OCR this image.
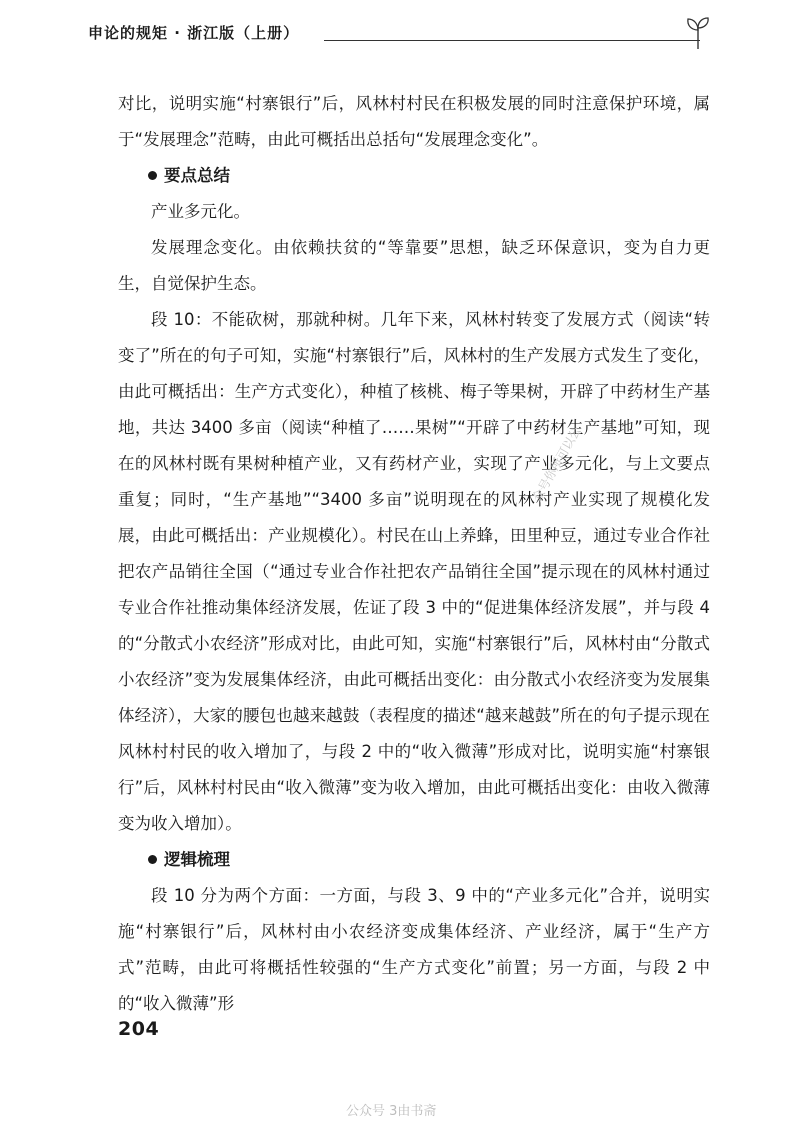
申论的规矩 · 浙江版（上册）

对比，说明实施“村寨银行”后，风林村村民在积极发展的同时注意保护环境，属于“发展理念”范畴，由此可概括出总括句“发展理念变化”。

要点总结

产业多元化。

发展理念变化。由依赖扶贫的“等靠要”思想，缺乏环保意识，变为自力更生，自觉保护生态。

段 10：不能砍树，那就种树。几年下来，风林村转变了发展方式（阅读“转变了”所在的句子可知，实施“村寨银行”后，风林村的生产发展方式发生了变化，由此可概括出：生产方式变化），种植了核桃、梅子等果树，开辟了中药材生产基地，共达 3400 多亩（阅读“种植了……果树”“开辟了中药材生产基地”可知，现在的风林村既有果树种植产业，又有药材产业，实现了产业多元化，与上文要点重复；同时，“生产基地”“3400 多亩”说明现在的风林村产业实现了规模化发展，由此可概括出：产业规模化）。村民在山上养蜂，田里种豆，通过专业合作社把农产品销往全国（“通过专业合作社把农产品销往全国”提示现在的风林村通过专业合作社推动集体经济发展，佐证了段 3 中的“促进集体经济发展”，并与段 4 的“分散式小农经济”形成对比，由此可知，实施“村寨银行”后，风林村由“分散式小农经济”变为发展集体经济，由此可概括出变化：由分散式小农经济变为发展集体经济），大家的腰包也越来越鼓（表程度的描述“越来越鼓”所在的句子提示现在风林村村民的收入增加了，与段 2 中的“收入微薄”形成对比，说明实施“村寨银行”后，风林村村民由“收入微薄”变为收入增加，由此可概括出变化：由收入微薄变为收入增加）。

逻辑梳理

段 10 分为两个方面：一方面，与段 3、9 中的“产业多元化”合并，说明实施“村寨银行”后，风林村由小农经济变成集体经济、产业经济，属于“生产方式”范畴，由此可将概括性较强的“生产方式变化”前置；另一方面，与段 2 中的“收入微薄”形

众号你所可以公
204
公众号 3由书斋
